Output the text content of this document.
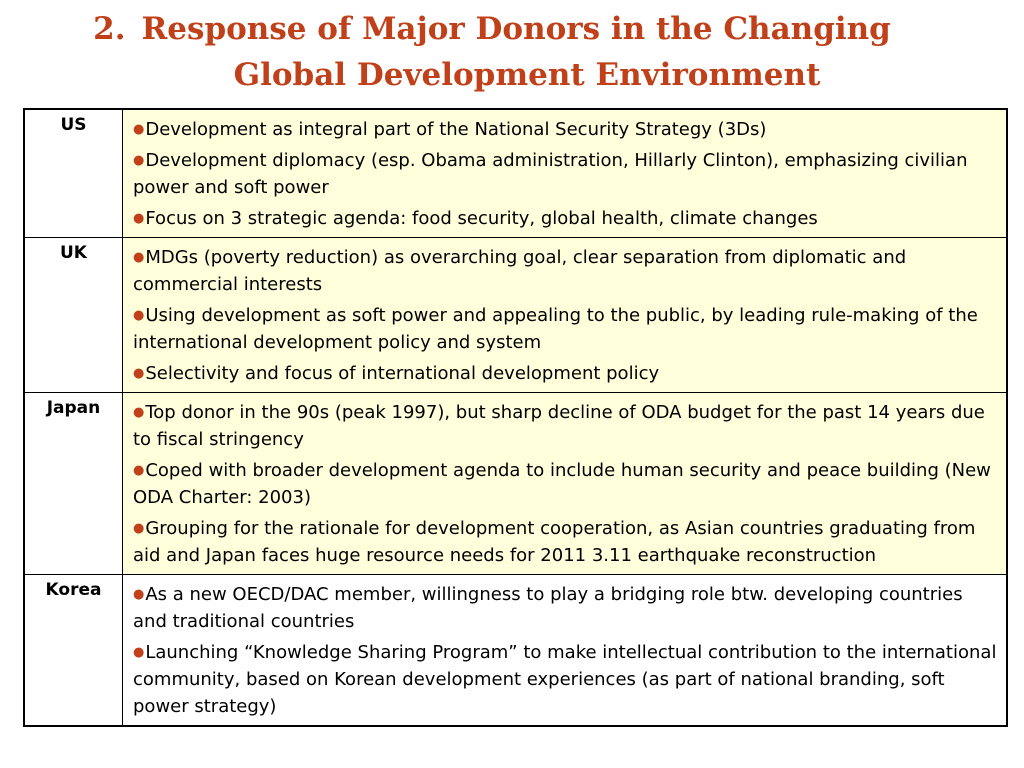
2. Response of Major Donors in the Changing
Global Development Environment
US	●Development as integral part of the National Security Strategy (3Ds)
●Development diplomacy (esp. Obama administration, Hillarly Clinton), emphasizing civilian power and soft power
●Focus on 3 strategic agenda: food security, global health, climate changes

UK	●MDGs (poverty reduction) as overarching goal, clear separation from diplomatic and commercial interests
●Using development as soft power and appealing to the public, by leading rule-making of the international development policy and system
●Selectivity and focus of international development policy

Japan	●Top donor in the 90s (peak 1997), but sharp decline of ODA budget for the past 14 years due to fiscal stringency
●Coped with broader development agenda to include human security and peace building (New ODA Charter: 2003)
●Grouping for the rationale for development cooperation, as Asian countries graduating from aid and Japan faces huge resource needs for 2011 3.11 earthquake reconstruction

Korea	●As a new OECD/DAC member, willingness to play a bridging role btw. developing countries and traditional countries
●Launching “Knowledge Sharing Program” to make intellectual contribution to the international community, based on Korean development experiences (as part of national branding, soft power strategy)
